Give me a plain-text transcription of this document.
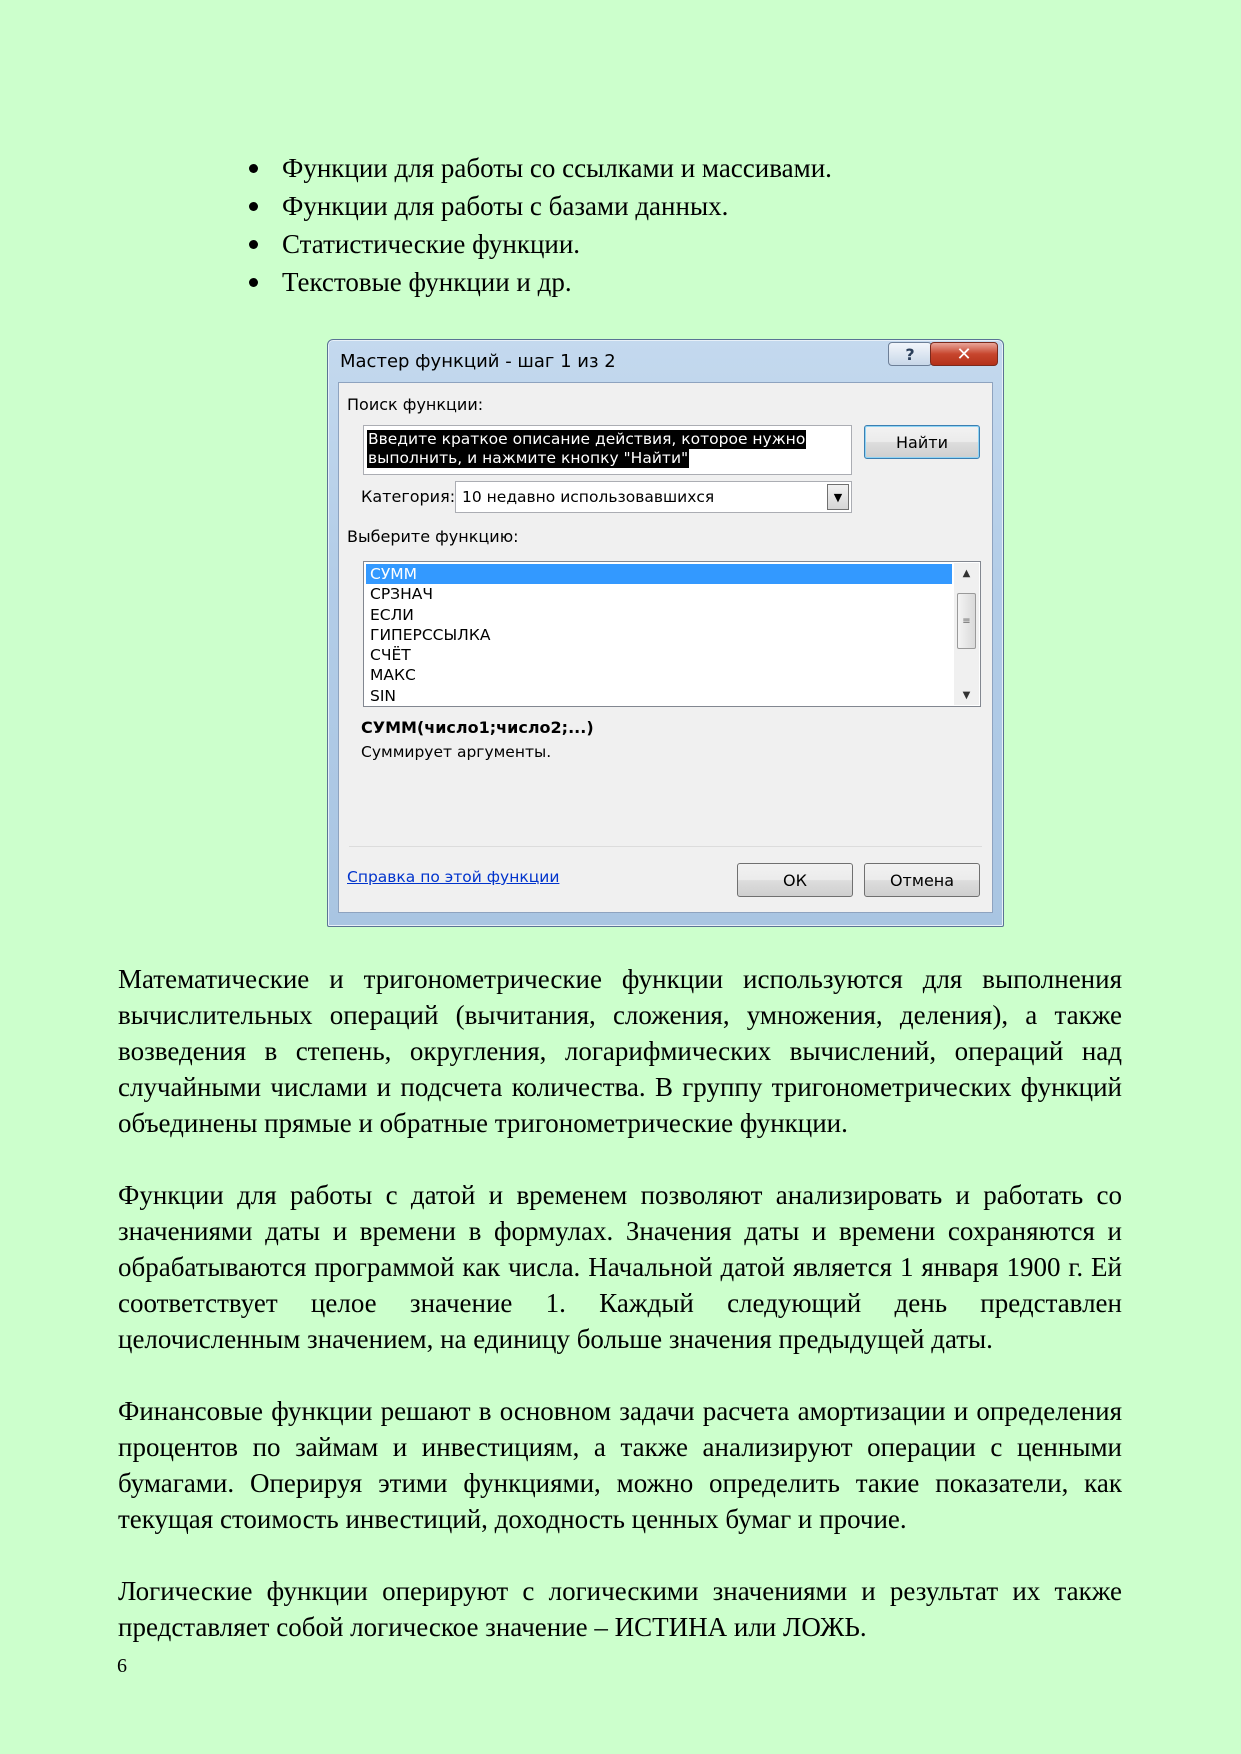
Функции для работы со ссылками и массивами.
Функции для работы с базами данных.
Статистические функции.
Текстовые функции и др.
Мастер функций - шаг 1 из 2	? ✕
Поиск функции:
Введите краткое описание действия, которое нужно
выполнить, и нажмите кнопку "Найти"
Найти
Категория: 10 недавно использовавшихся	▼
Выберите функцию:
СУММ
СРЗНАЧ
ЕСЛИ
ГИПЕРССЫЛКА
СЧЁТ
МАКС
SIN
▲
≡
▼
СУММ(число1;число2;...)
Суммирует аргументы.
Справка по этой функции	ОК	Отмена

Математические и тригонометрические функции используются для выполнения вычислительных операций (вычитания, сложения, умножения, деления), а также возведения в степень, округления, логарифмических вычислений, операций над случайными числами и подсчета количества. В группу тригонометрических функций объединены прямые и обратные тригонометрические функции.

Функции для работы с датой и временем позволяют анализировать и работать со значениями даты и времени в формулах. Значения даты и времени сохраняются и обрабатываются программой как числа. Начальной датой является 1 января 1900 г. Ей соответствует целое значение 1. Каждый следующий день представлен целочисленным значением, на единицу больше значения предыдущей даты.

Финансовые функции решают в основном задачи расчета амортизации и определения процентов по займам и инвестициям, а также анализируют операции с ценными бумагами. Оперируя этими функциями, можно определить такие показатели, как текущая стоимость инвестиций, доходность ценных бумаг и прочие.

Логические функции оперируют с логическими значениями и результат их также представляет собой логическое значение – ИСТИНА или ЛОЖЬ.

6
